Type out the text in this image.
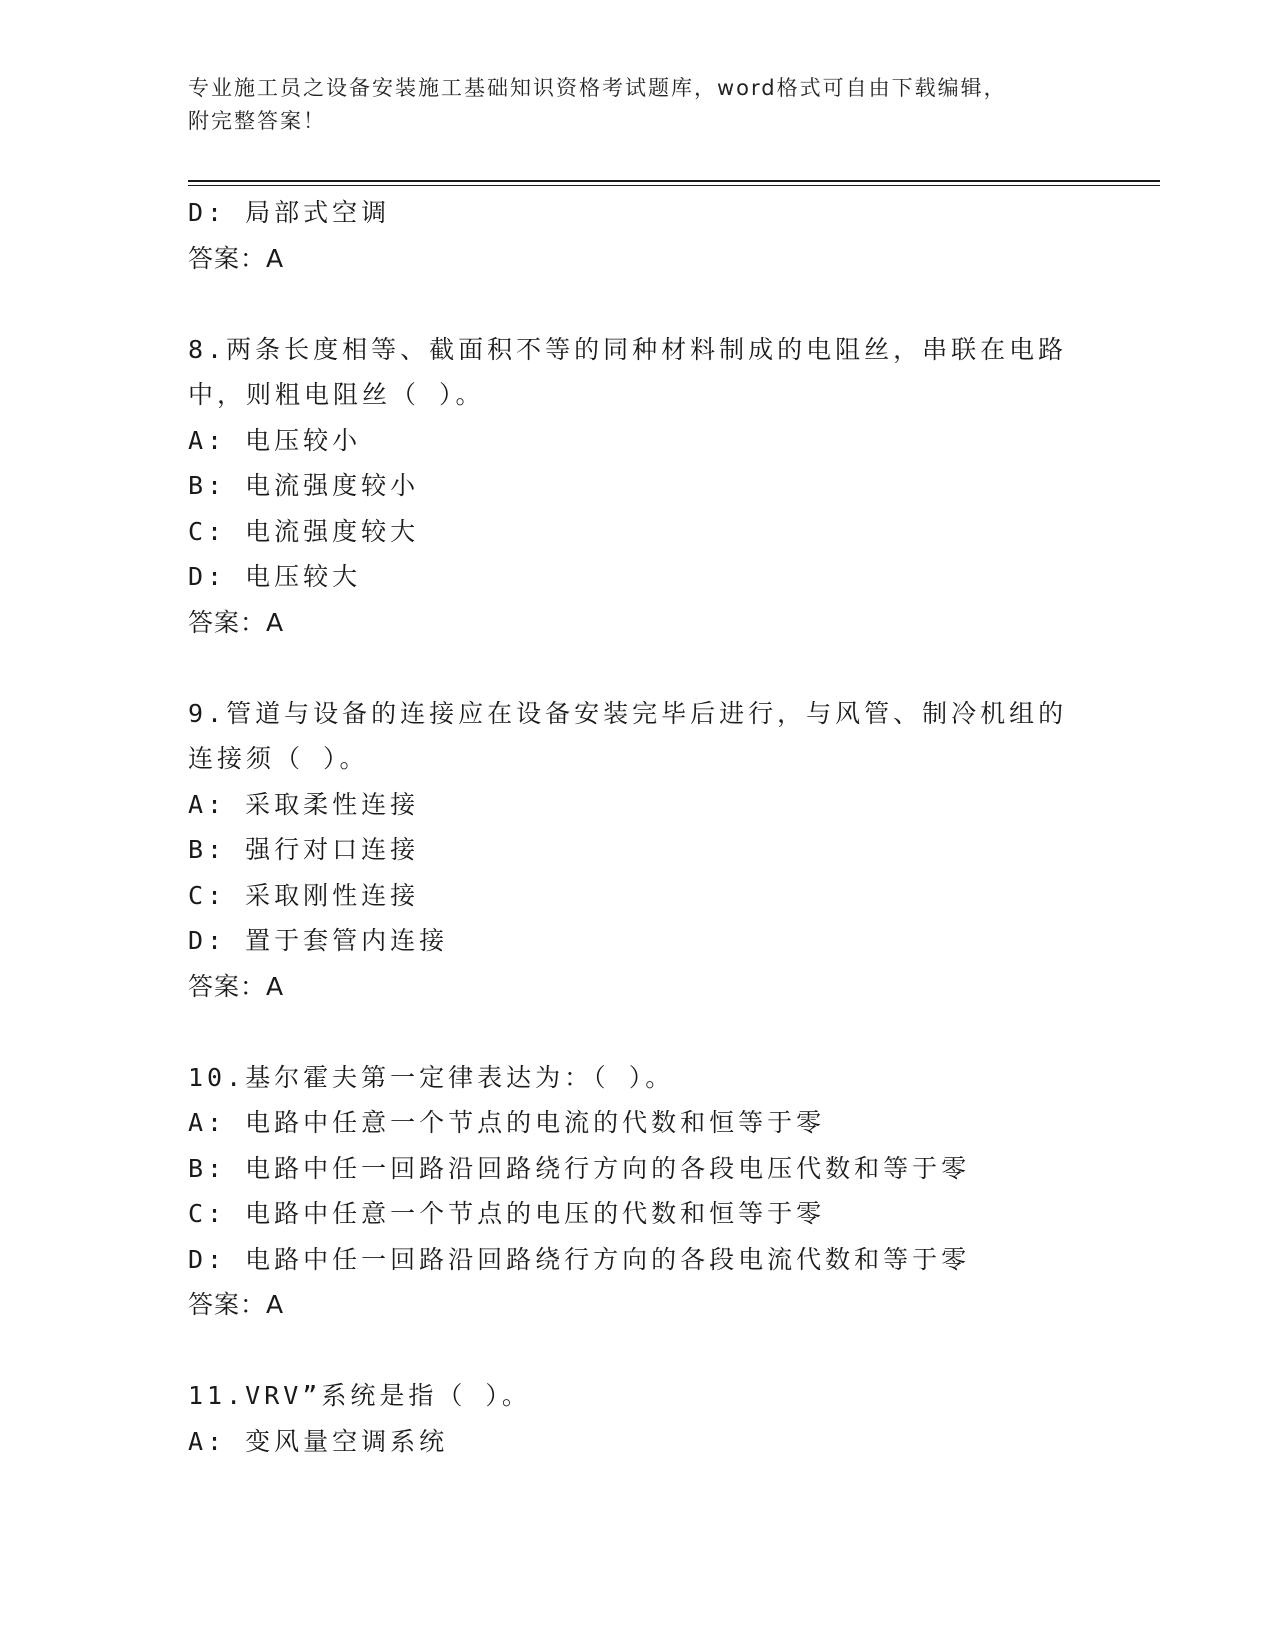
专业施工员之设备安装施工基础知识资格考试题库，word格式可自由下载编辑，
附完整答案！
D: 局部式空调
答案：A
8.两条长度相等、截面积不等的同种材料制成的电阻丝，串联在电路
中，则粗电阻丝（ ）。
A: 电压较小
B: 电流强度较小
C: 电流强度较大
D: 电压较大
答案：A
9.管道与设备的连接应在设备安装完毕后进行，与风管、制冷机组的
连接须（ ）。
A: 采取柔性连接
B: 强行对口连接
C: 采取刚性连接
D: 置于套管内连接
答案：A
10.基尔霍夫第一定律表达为：（ ）。
A: 电路中任意一个节点的电流的代数和恒等于零
B: 电路中任一回路沿回路绕行方向的各段电压代数和等于零
C: 电路中任意一个节点的电压的代数和恒等于零
D: 电路中任一回路沿回路绕行方向的各段电流代数和等于零
答案：A
11.VRV”系统是指（ ）。
A: 变风量空调系统
